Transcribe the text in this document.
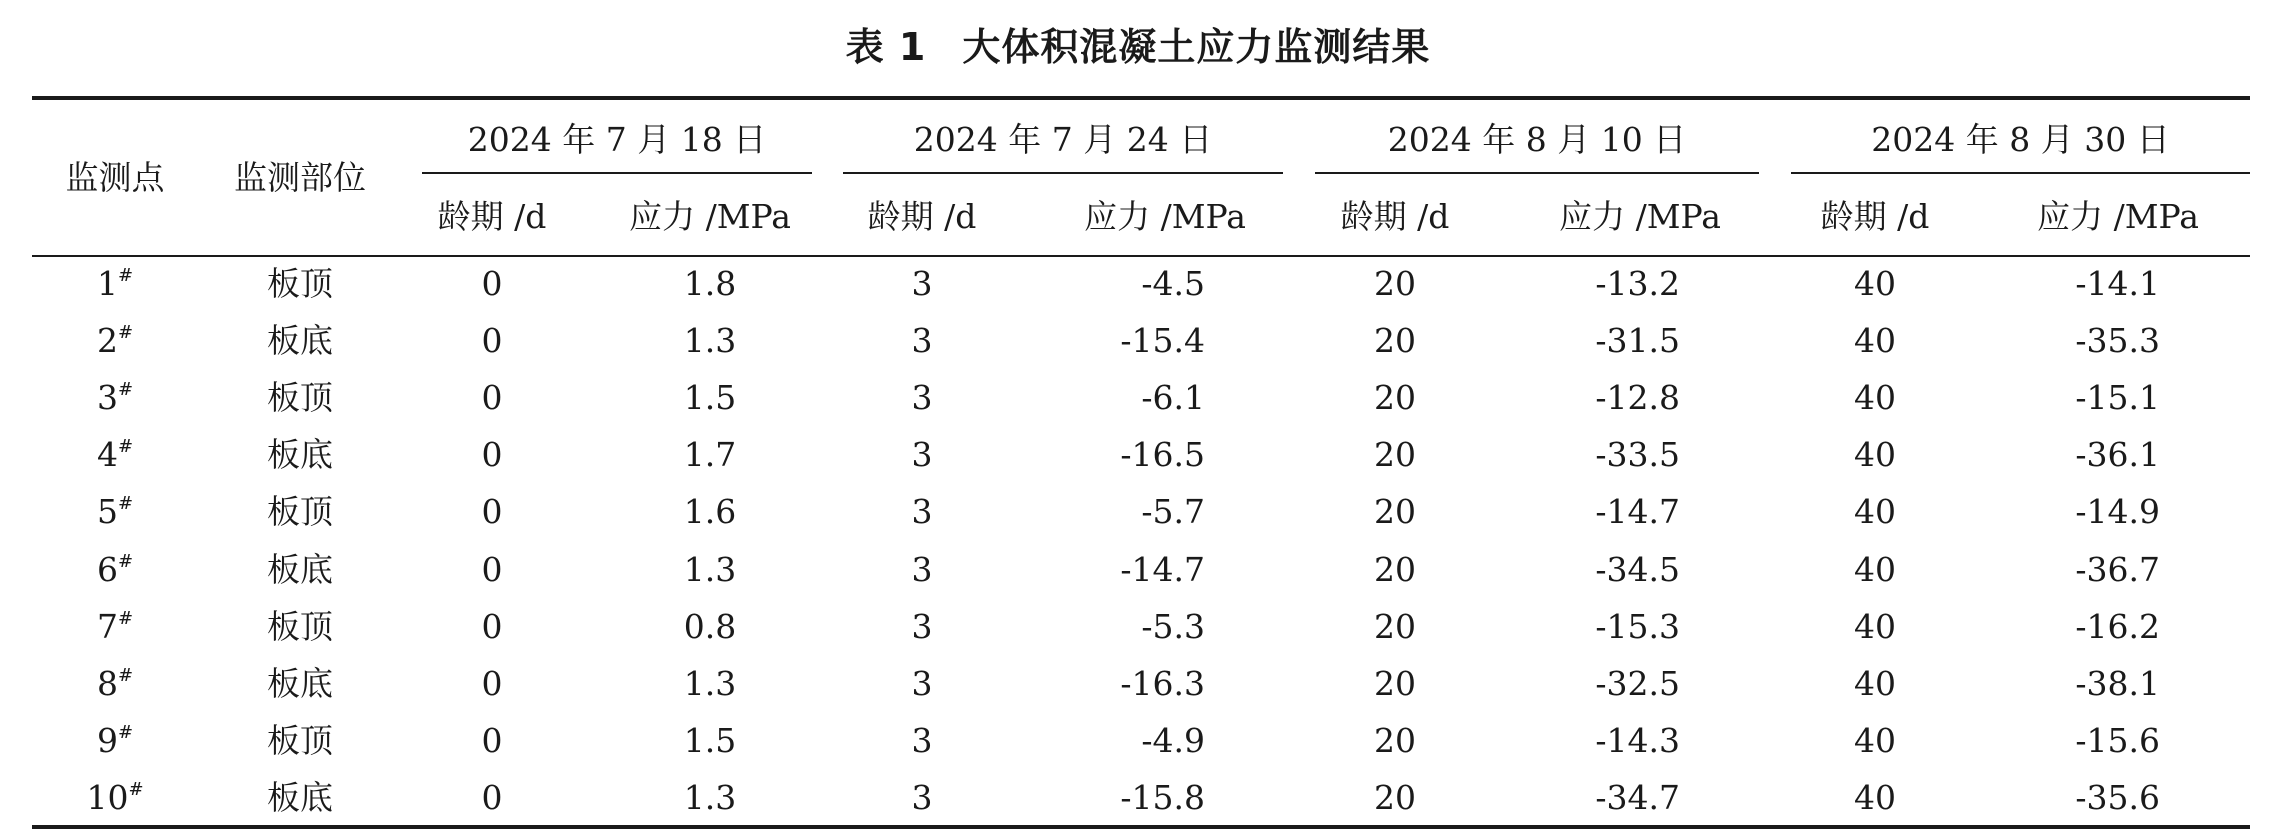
表 1 大体积混凝土应力监测结果
监测点	监测部位
2024 年 7 月 18 日	2024 年 7 月 24 日	2024 年 8 月 10 日	2024 年 8 月 30 日
龄期 /d	应力 /MPa	龄期 /d	应力 /MPa	龄期 /d	应力 /MPa	龄期 /d	应力 /MPa
1#	板顶	0	1.8	3	-4.5	20	-13.2	40	-14.1
2#	板底	0	1.3	3	-15.4	20	-31.5	40	-35.3
3#	板顶	0	1.5	3	-6.1	20	-12.8	40	-15.1
4#	板底	0	1.7	3	-16.5	20	-33.5	40	-36.1
5#	板顶	0	1.6	3	-5.7	20	-14.7	40	-14.9
6#	板底	0	1.3	3	-14.7	20	-34.5	40	-36.7
7#	板顶	0	0.8	3	-5.3	20	-15.3	40	-16.2
8#	板底	0	1.3	3	-16.3	20	-32.5	40	-38.1
9#	板顶	0	1.5	3	-4.9	20	-14.3	40	-15.6
10#	板底	0	1.3	3	-15.8	20	-34.7	40	-35.6
